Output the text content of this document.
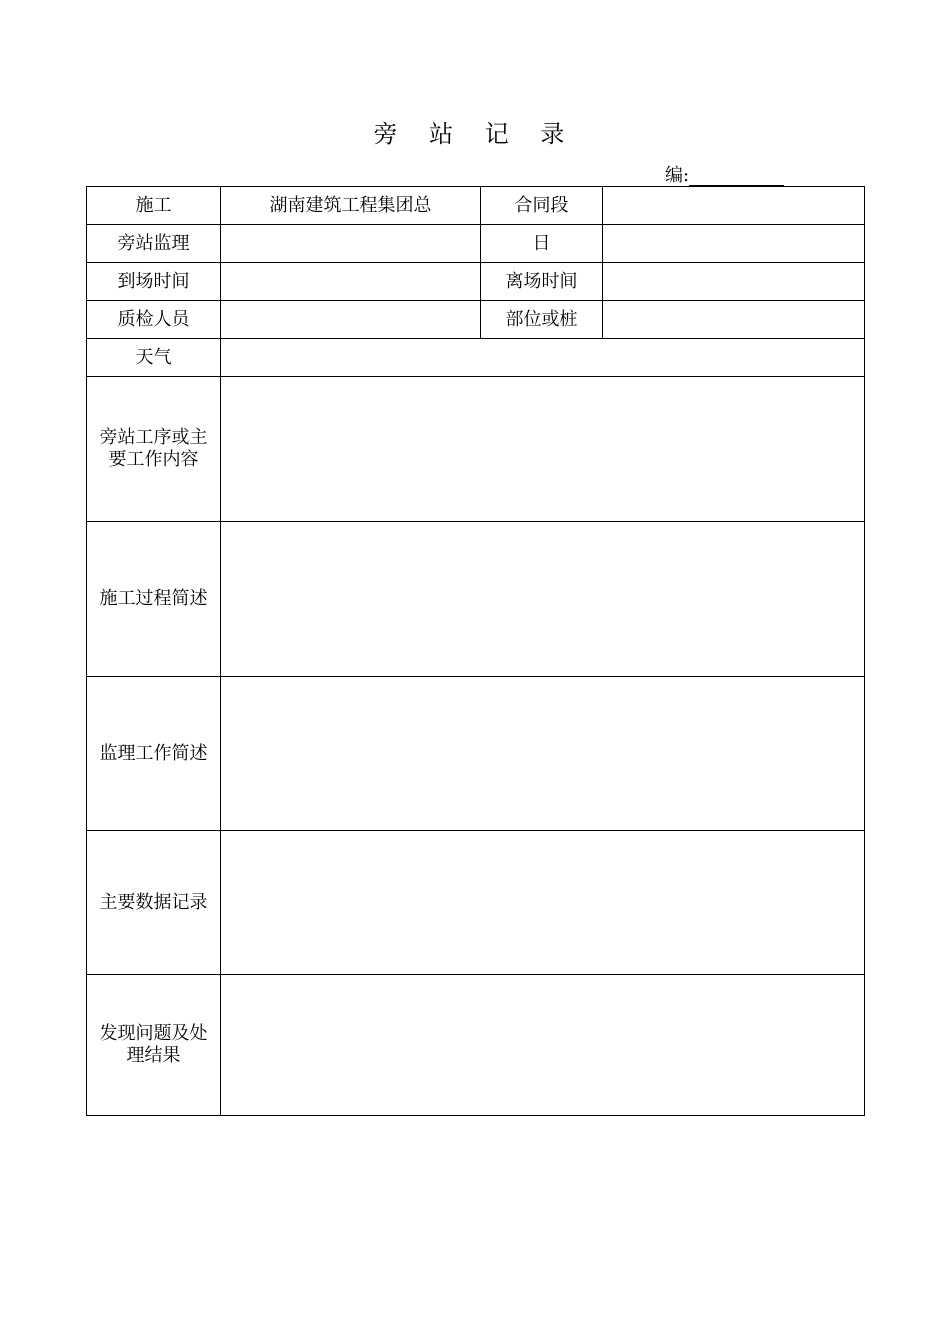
旁 站 记 录
编:
施工	湖南建筑工程集团总	合同段	
旁站监理		日	
到场时间		离场时间	
质检人员		部位或桩	
天气			
旁站工序或主要工作内容			
施工过程简述			
监理工作简述			
主要数据记录			
发现问题及处理结果			
